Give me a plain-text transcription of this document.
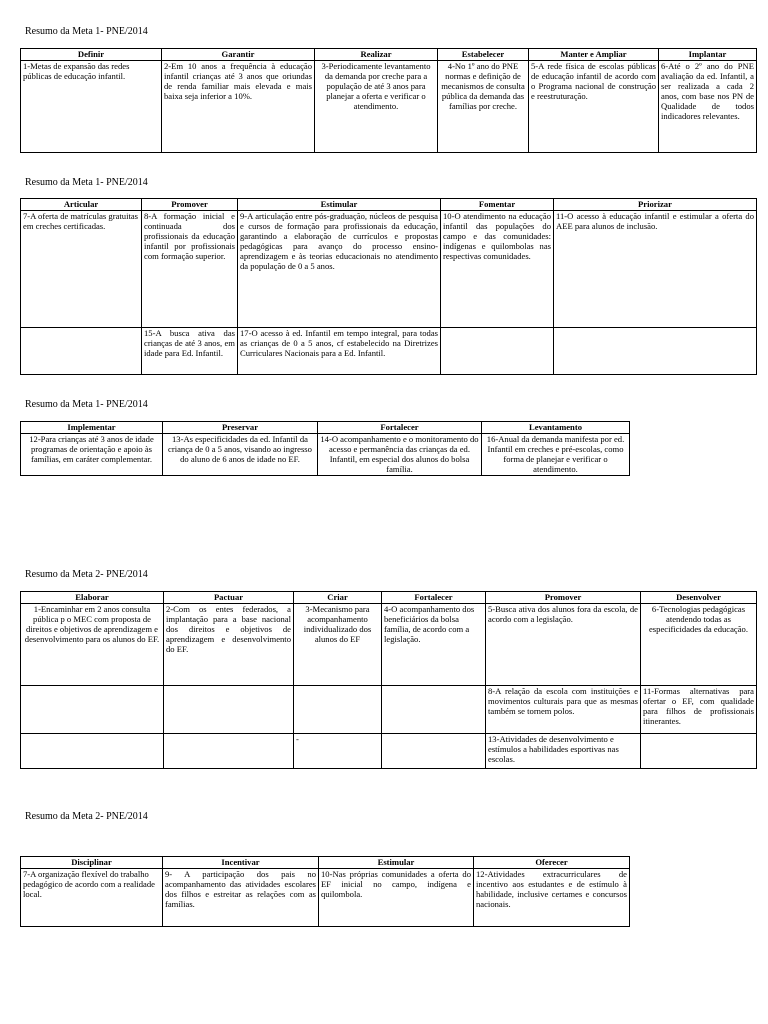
Resumo da Meta 1- PNE/2014
Definir	Garantir	Realizar	Estabelecer	Manter e Ampliar	Implantar
1-Metas de expansão das redes públicas de educação infantil.	2-Em 10 anos a frequência à educação infantil crianças até 3 anos que oriundas de renda familiar mais elevada e mais baixa seja inferior a 10%.	3-Periodicamente levantamento da demanda por creche para a população de até 3 anos para planejar a oferta e verificar o atendimento.	4-No 1º ano do PNE normas e definição de mecanismos de consulta pública da demanda das famílias por creche.	5-A rede física de escolas públicas de educação infantil de acordo com o Programa nacional de construção e reestruturação.	6-Até o 2º ano do PNE avaliação da ed. Infantil, a ser realizada a cada 2 anos, com base nos PN de Qualidade de todos indicadores relevantes.
Resumo da Meta 1- PNE/2014
Articular	Promover	Estimular	Fomentar	Priorizar
7-A oferta de matrículas gratuitas em creches certificadas.	8-A formação inicial e continuada dos profissionais da educação infantil por profissionais com formação superior.	9-A articulação entre pós-graduação, núcleos de pesquisa e cursos de formação para profissionais da educação, garantindo a elaboração de currículos e propostas pedagógicas para avanço do processo ensino-aprendizagem e às teorias educacionais no atendimento da população de 0 a 5 anos.	10-O atendimento na educação infantil das populações do campo e das comunidades: indígenas e quilombolas nas respectivas comunidades.	11-O acesso à educação infantil e estimular a oferta do AEE para alunos de inclusão.
	15-A busca ativa das crianças de até 3 anos, em idade para Ed. Infantil.	17-O acesso à ed. Infantil em tempo integral, para todas as crianças de 0 a 5 anos, cf estabelecido na Diretrizes Curriculares Nacionais para a Ed. Infantil.		
Resumo da Meta 1- PNE/2014
Implementar	Preservar	Fortalecer	Levantamento
12-Para crianças até 3 anos de idade programas de orientação e apoio às famílias, em caráter complementar.	13-As especificidades da ed. Infantil da criança de 0 a 5 anos, visando ao ingresso do aluno de 6 anos de idade no EF.	14-O acompanhamento e o monitoramento do acesso e permanência das crianças da ed. Infantil, em especial dos alunos do bolsa família.	16-Anual da demanda manifesta por ed. Infantil em creches e pré-escolas, como forma de planejar e verificar o atendimento.
Resumo da Meta 2- PNE/2014
Elaborar	Pactuar	Criar	Fortalecer	Promover	Desenvolver
1-Encaminhar em 2 anos consulta pública p o MEC com proposta de direitos e objetivos de aprendizagem e desenvolvimento para os alunos do EF.	2-Com os entes federados, a implantação para a base nacional dos direitos e objetivos de aprendizagem e desenvolvimento do EF.	3-Mecanismo para acompanhamento individualizado dos alunos do EF	4-O acompanhamento dos beneficiários da bolsa família, de acordo com a legislação.	5-Busca ativa dos alunos fora da escola, de acordo com a legislação.	6-Tecnologias pedagógicas atendendo todas as especificidades da educação.
				8-A relação da escola com instituições e movimentos culturais para que as mesmas também se tornem polos.	11-Formas alternativas para ofertar o EF, com qualidade para filhos de profissionais itinerantes.
		-		13-Atividades de desenvolvimento e estímulos a habilidades esportivas nas escolas.	
Resumo da Meta 2- PNE/2014
Disciplinar	Incentivar	Estimular	Oferecer
7-A organização flexível do trabalho pedagógico de acordo com a realidade local.	9- A participação dos pais no acompanhamento das atividades escolares dos filhos e estreitar as relações com as famílias.	10-Nas próprias comunidades a oferta do EF inicial no campo, indígena e quilombola.	12-Atividades extracurriculares de incentivo aos estudantes e de estímulo à habilidade, inclusive certames e concursos nacionais.
